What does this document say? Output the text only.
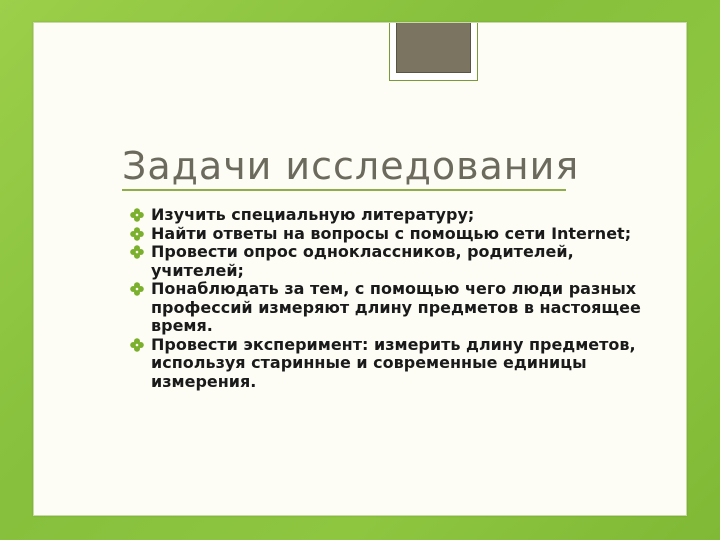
Задачи исследования
Изучить специальную литературу;
Найти ответы на вопросы с помощью сети Internet;
Провести опрос одноклассников, родителей, учителей;
Понаблюдать за тем, с помощью чего люди разных профессий измеряют длину предметов в настоящее время.
Провести эксперимент: измерить длину предметов, используя старинные и современные единицы измерения.
